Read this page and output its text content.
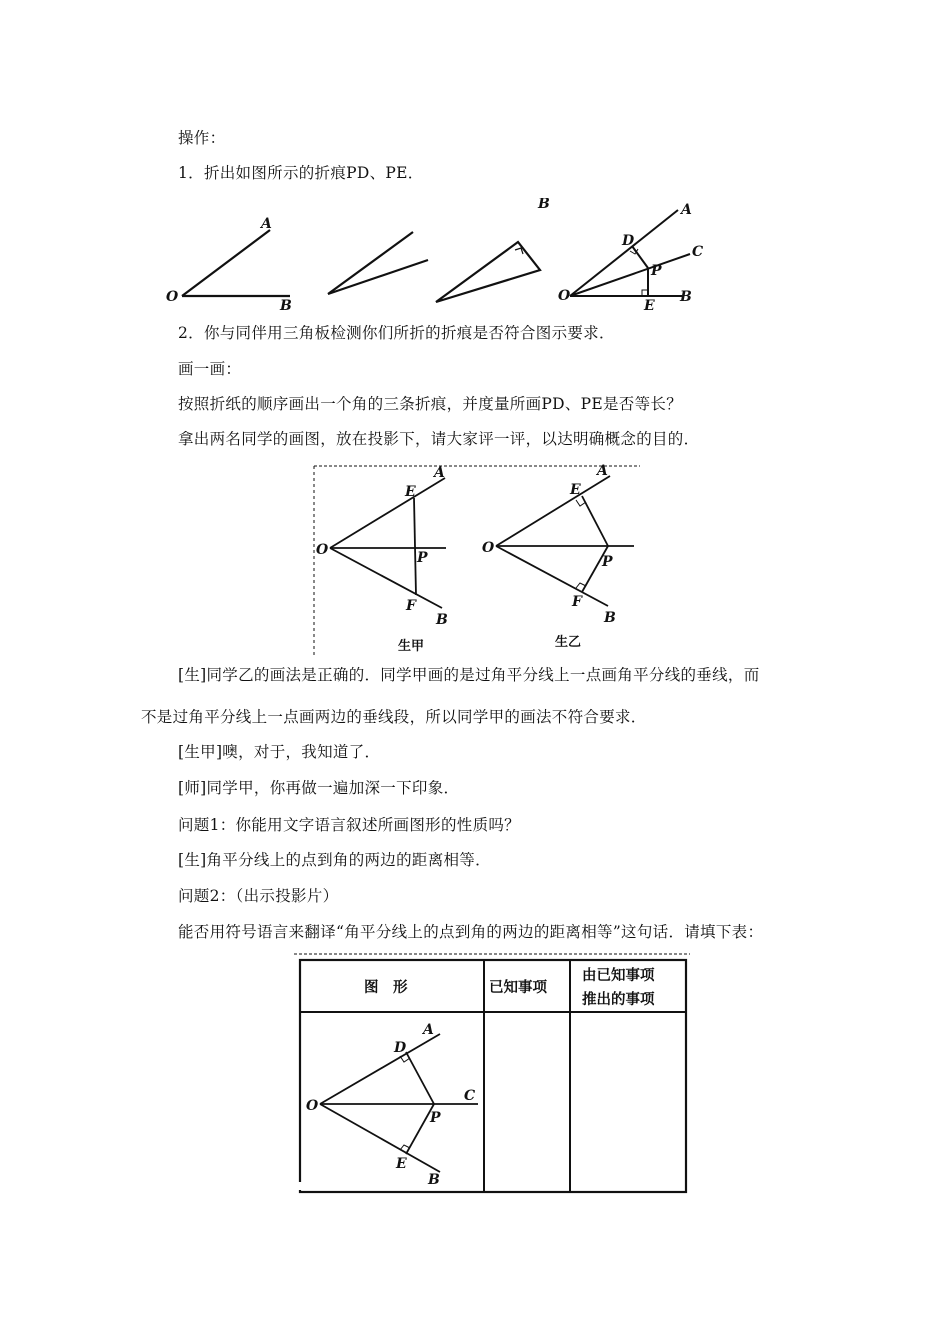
操作：
1．折出如图所示的折痕PD、PE．
A
O
B
B	A
D
C
P
O
E
B
2．你与同伴用三角板检测你们所折的折痕是否符合图示要求．
画一画：
按照折纸的顺序画出一个角的三条折痕，并度量所画PD、PE是否等长？
拿出两名同学的画图，放在投影下，请大家评一评，以达明确概念的目的．
A
E
O	P
F
B
生甲
A
E
O
P
F
B
生乙
[生]同学乙的画法是正确的．同学甲画的是过角平分线上一点画角平分线的垂线，而
不是过角平分线上一点画两边的垂线段，所以同学甲的画法不符合要求．
[生甲]噢，对于，我知道了．
[师]同学甲，你再做一遍加深一下印象．
问题1：你能用文字语言叙述所画图形的性质吗？
[生]角平分线上的点到角的两边的距离相等．
问题2：（出示投影片）
能否用符号语言来翻译“角平分线上的点到角的两边的距离相等”这句话．请填下表：
图　形	已知事项
由已知事项
推出的事项
A
D
O
C
P
E
B
